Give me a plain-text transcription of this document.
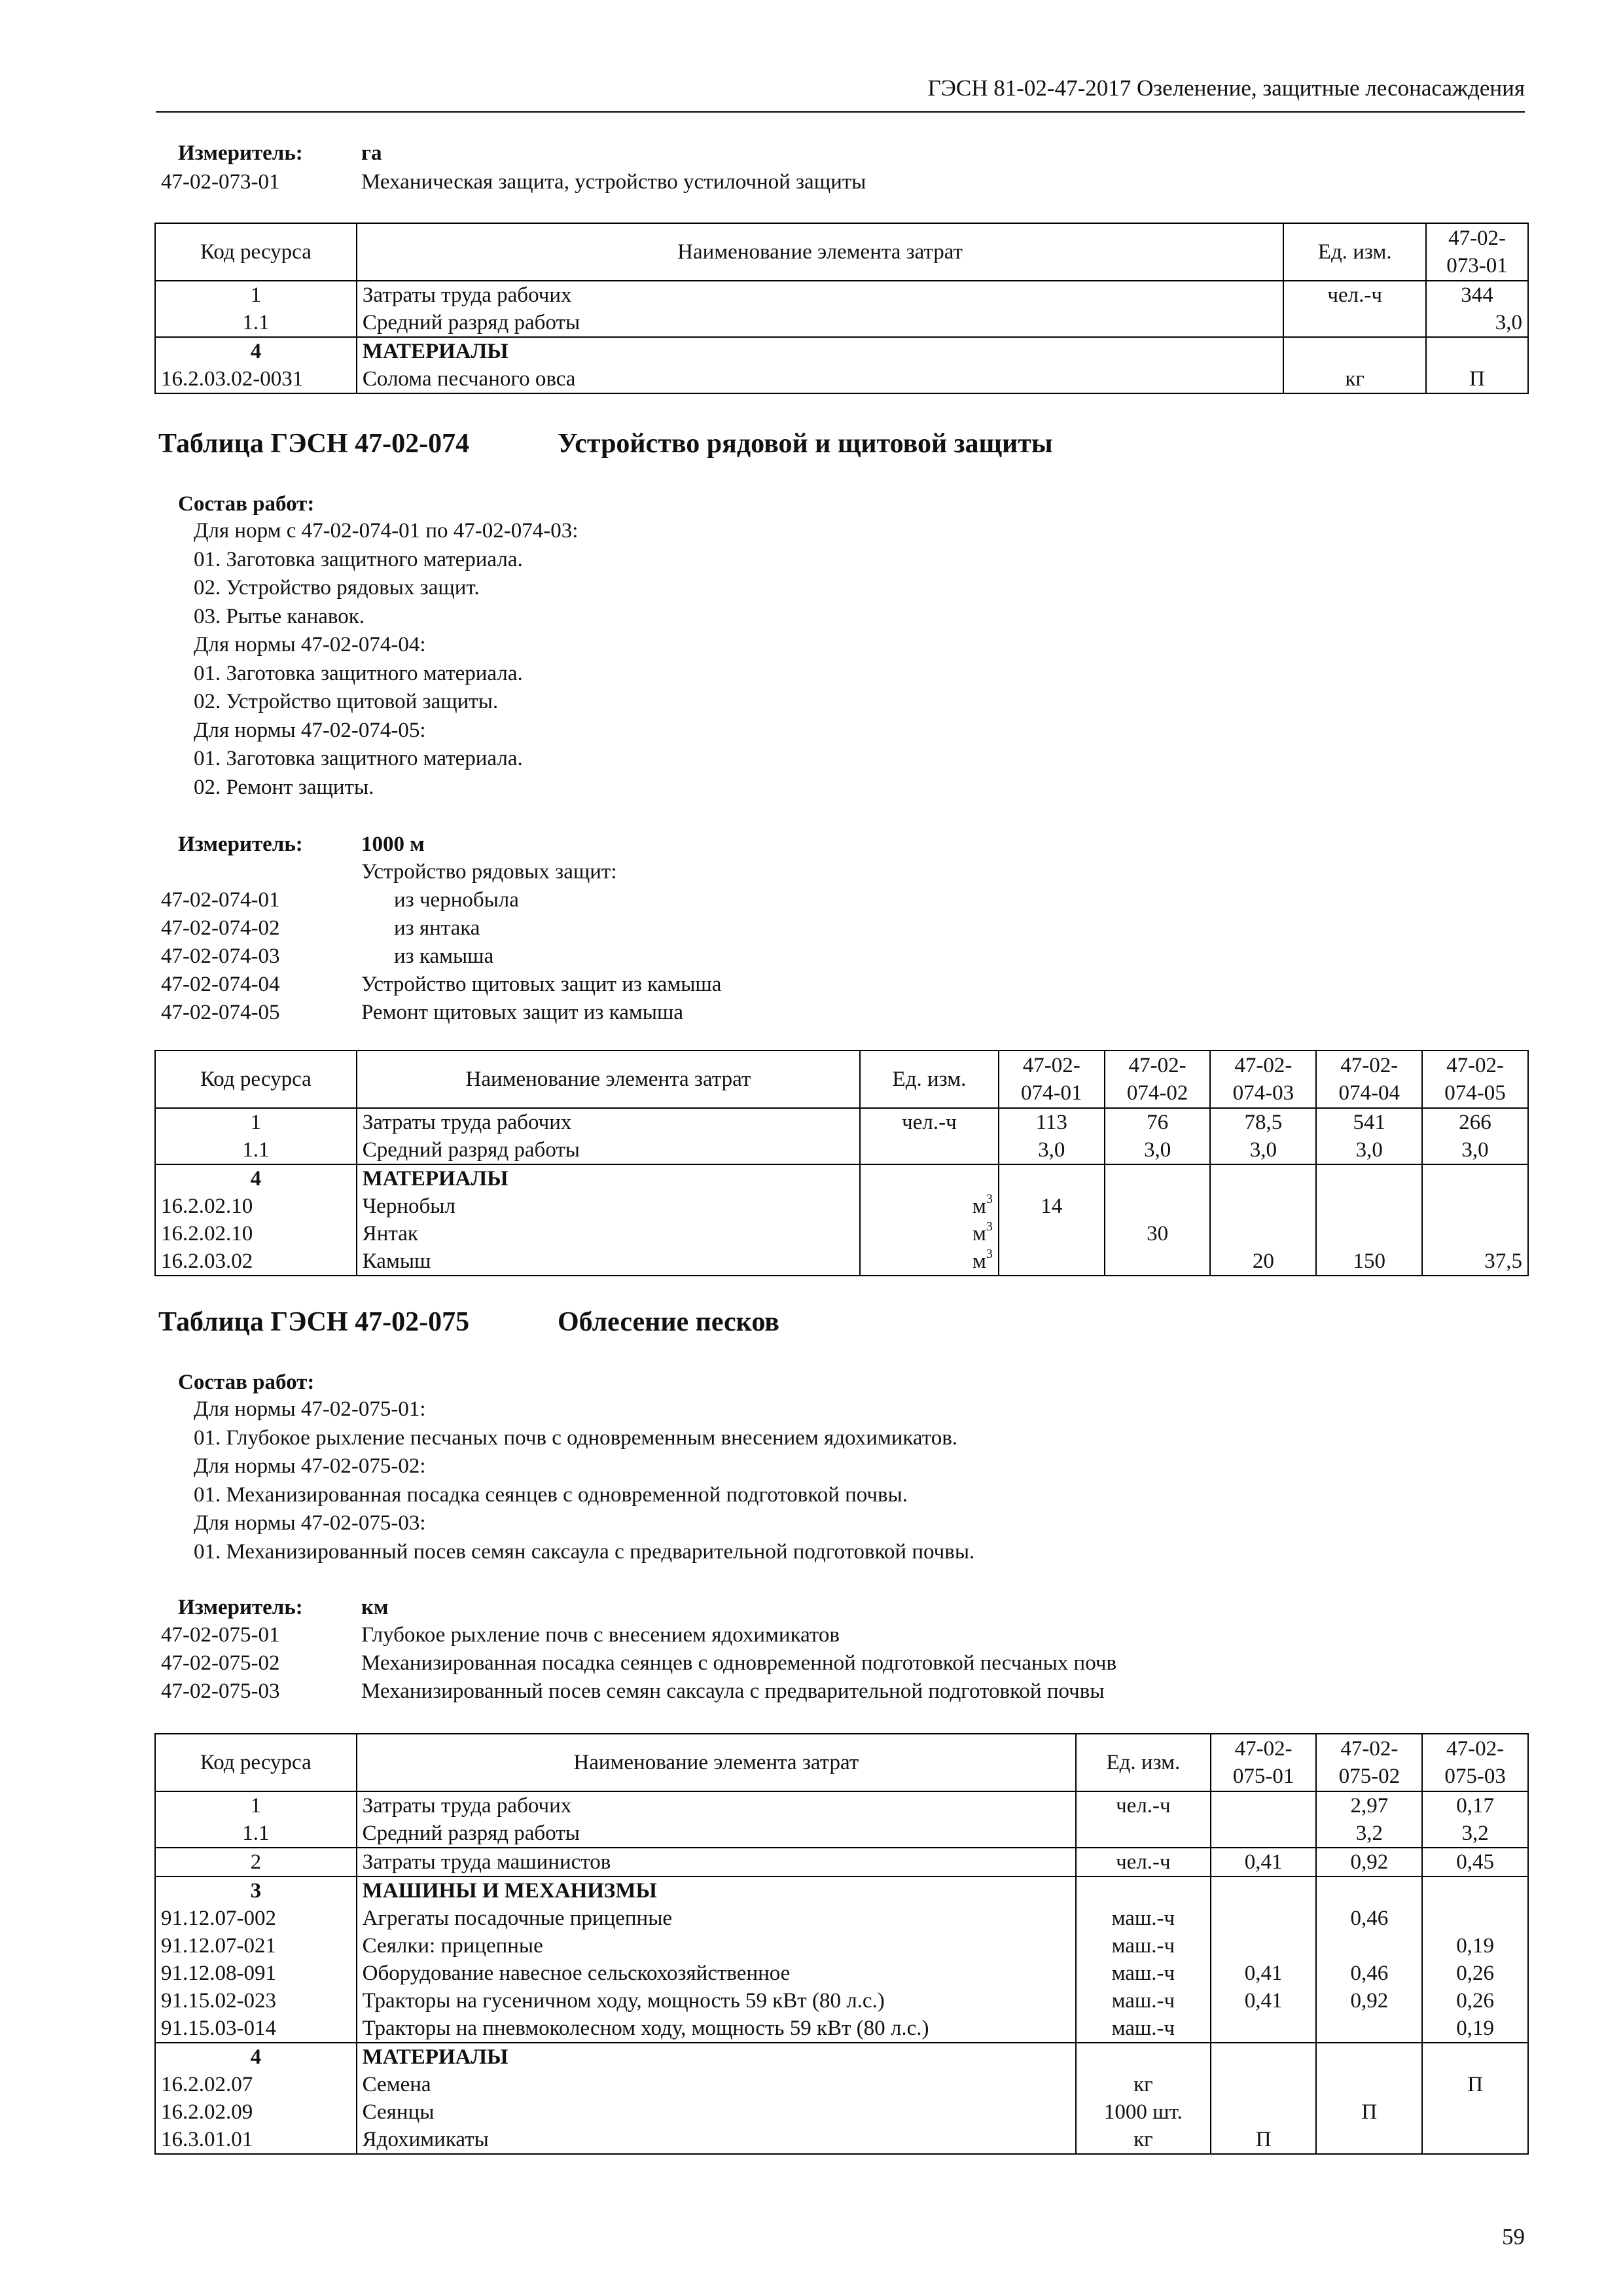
ГЭСН 81-02-47-2017 Озеленение, защитные лесонасаждения
Измеритель:	га
47-02-073-01	Механическая защита, устройство устилочной защиты
Код ресурса	Наименование элемента затрат	Ед. изм.	47-02-
073-01
1	Затраты труда рабочих	чел.-ч	344
1.1	Средний разряд работы		3,0
4	МАТЕРИАЛЫ		
16.2.03.02-0031	Солома песчаного овса	кг	П
Таблица ГЭСН 47-02-074	Устройство рядовой и щитовой защиты
Состав работ:
Для норм с 47-02-074-01 по 47-02-074-03:
01. Заготовка защитного материала.
02. Устройство рядовых защит.
03. Рытье канавок.
Для нормы 47-02-074-04:
01. Заготовка защитного материала.
02. Устройство щитовой защиты.
Для нормы 47-02-074-05:
01. Заготовка защитного материала.
02. Ремонт защиты.
Измеритель:	1000 м
Устройство рядовых защит:
47-02-074-01	из чернобыла
47-02-074-02	из янтака
47-02-074-03	из камыша
47-02-074-04	Устройство щитовых защит из камыша
47-02-074-05	Ремонт щитовых защит из камыша
Код ресурса	Наименование элемента затрат	Ед. изм.	47-02-
074-01	47-02-
074-02	47-02-
074-03	47-02-
074-04	47-02-
074-05
1	Затраты труда рабочих	чел.-ч	113	76	78,5	541	266
1.1	Средний разряд работы		3,0	3,0	3,0	3,0	3,0
4	МАТЕРИАЛЫ						
16.2.02.10	Чернобыл	$м^3$	14				
16.2.02.10	Янтак	$м^3$		30			
16.2.03.02	Камыш	$м^3$			20	150	37,5
Таблица ГЭСН 47-02-075	Облесение песков
Состав работ:
Для нормы 47-02-075-01:
01. Глубокое рыхление песчаных почв с одновременным внесением ядохимикатов.
Для нормы 47-02-075-02:
01. Механизированная посадка сеянцев с одновременной подготовкой почвы.
Для нормы 47-02-075-03:
01. Механизированный посев семян саксаула с предварительной подготовкой почвы.
Измеритель:	км
47-02-075-01	Глубокое рыхление почв с внесением ядохимикатов
47-02-075-02	Механизированная посадка сеянцев с одновременной подготовкой песчаных почв
47-02-075-03	Механизированный посев семян саксаула с предварительной подготовкой почвы
Код ресурса	Наименование элемента затрат	Ед. изм.	47-02-
075-01	47-02-
075-02	47-02-
075-03
1	Затраты труда рабочих	чел.-ч		2,97	0,17
1.1	Средний разряд работы			3,2	3,2
2	Затраты труда машинистов	чел.-ч	0,41	0,92	0,45
3	МАШИНЫ И МЕХАНИЗМЫ				
91.12.07-002	Агрегаты посадочные прицепные	маш.-ч		0,46	
91.12.07-021	Сеялки: прицепные	маш.-ч			0,19
91.12.08-091	Оборудование навесное сельскохозяйственное	маш.-ч	0,41	0,46	0,26
91.15.02-023	Тракторы на гусеничном ходу, мощность 59 кВт (80 л.с.)	маш.-ч	0,41	0,92	0,26
91.15.03-014	Тракторы на пневмоколесном ходу, мощность 59 кВт (80 л.с.)	маш.-ч			0,19
4	МАТЕРИАЛЫ				
16.2.02.07	Семена	кг			П
16.2.02.09	Сеянцы	1000 шт.		П	
16.3.01.01	Ядохимикаты	кг	П		
59
